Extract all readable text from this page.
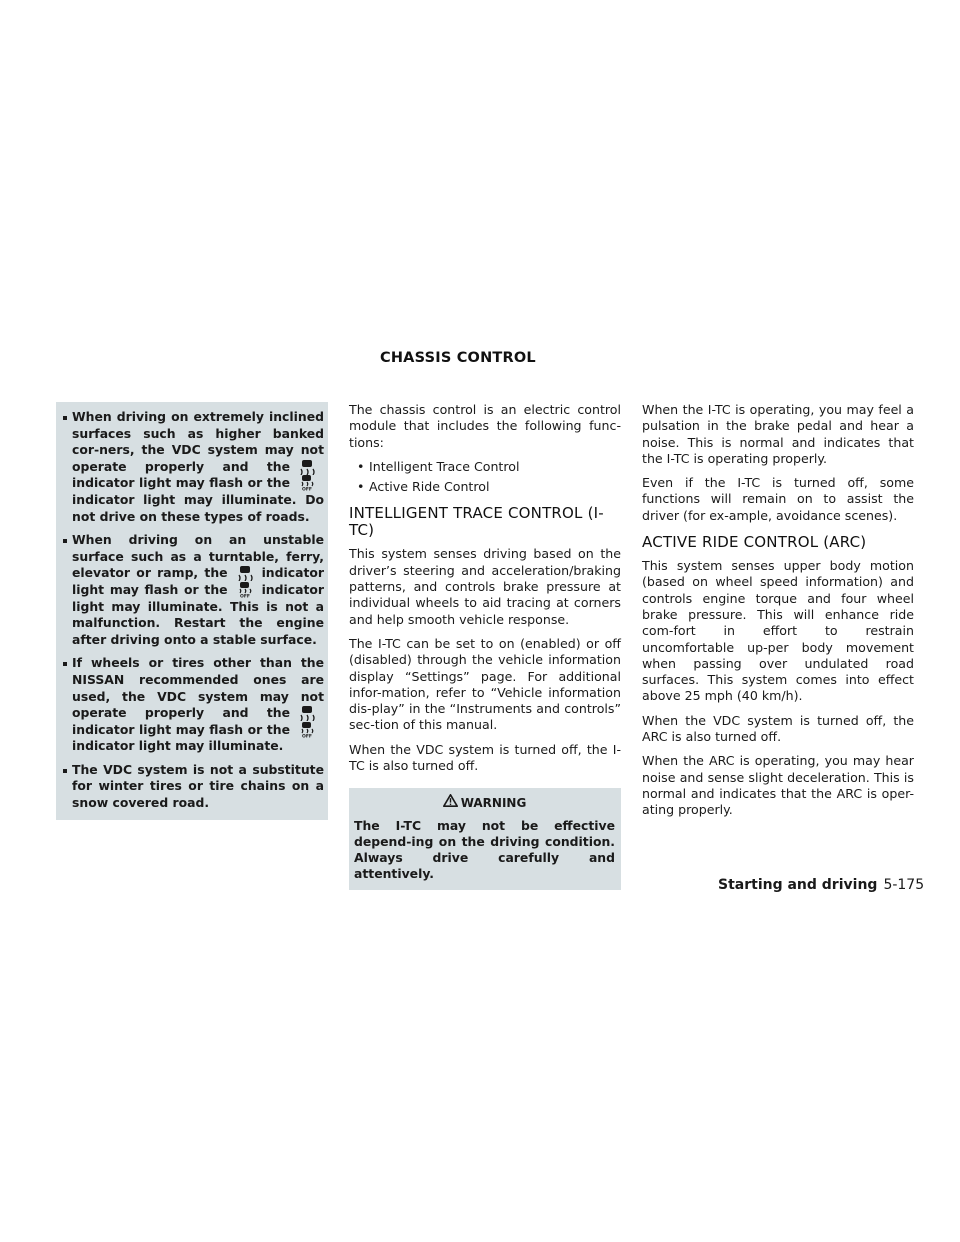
CHASSIS CONTROL
When driving on extremely inclined surfaces such as higher banked cor-ners, the VDC system may not operate properly and the
indicator light may flash or the	OFF
indicator light may illuminate. Do not drive on these types of roads.
When driving on an unstable surface such as a turntable, ferry, elevator or ramp, the	indicator light may flash or the	OFF indicator light may illuminate. This is not a malfunction. Restart the engine after driving onto a stable surface.
If wheels or tires other than the NISSAN recommended ones are used, the VDC system may not operate properly and the
indicator light may flash or the	OFF
indicator light may illuminate.
The VDC system is not a substitute for winter tires or tire chains on a snow covered road.

The chassis control is an electric control module that includes the following func-tions:

• Intelligent Trace Control
• Active Ride Control
INTELLIGENT TRACE CONTROL (I-TC)

This system senses driving based on the driver’s steering and acceleration/braking patterns, and controls brake pressure at individual wheels to aid tracing at corners and help smooth vehicle response.

The I-TC can be set to on (enabled) or off (disabled) through the vehicle information display “Settings” page. For additional infor-mation, refer to “Vehicle information dis-play” in the “Instruments and controls” sec-tion of this manual.

When the VDC system is turned off, the I-TC is also turned off.

WARNING
The I-TC may not be effective depend-ing on the driving condition. Always drive carefully and attentively.

When the I-TC is operating, you may feel a pulsation in the brake pedal and hear a noise. This is normal and indicates that the I-TC is operating properly.

Even if the I-TC is turned off, some functions will remain on to assist the driver (for ex-ample, avoidance scenes).

ACTIVE RIDE CONTROL (ARC)

This system senses upper body motion (based on wheel speed information) and controls engine torque and four wheel brake pressure. This will enhance ride com-fort in effort to restrain uncomfortable up-per body movement when passing over undulated road surfaces. This system comes into effect above 25 mph (40 km/h).

When the VDC system is turned off, the ARC is also turned off.

When the ARC is operating, you may hear noise and sense slight deceleration. This is normal and indicates that the ARC is oper-ating properly.

Starting and driving 5-175
